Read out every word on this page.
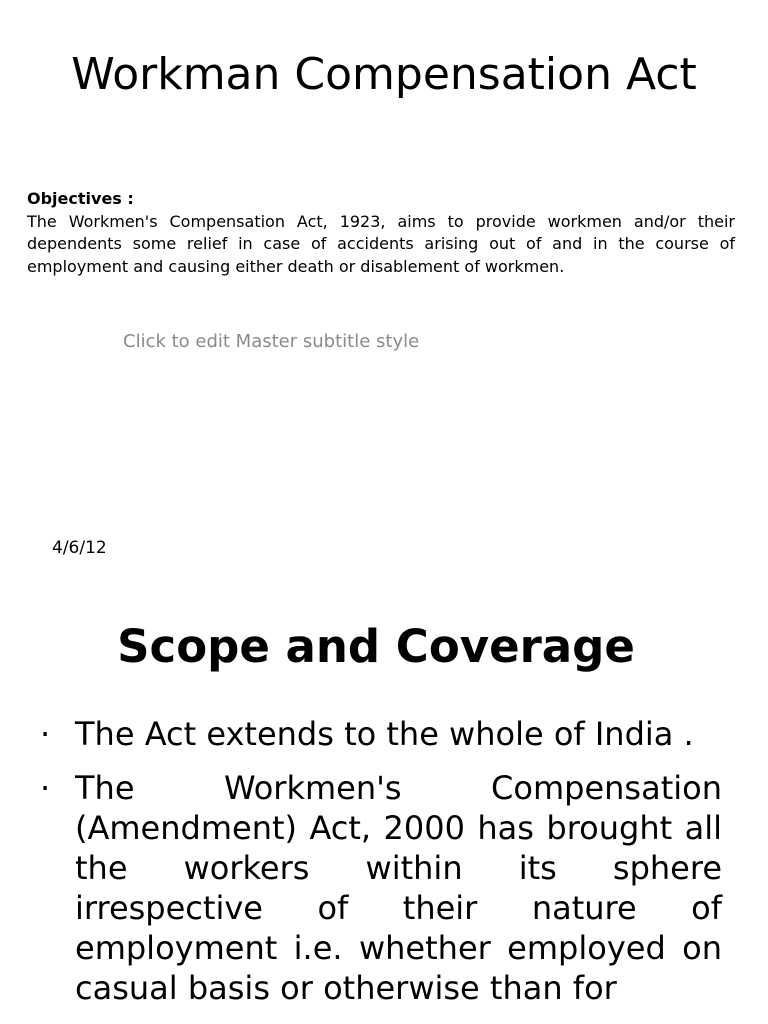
Workman Compensation Act
Objectives :
The Workmen's Compensation Act, 1923, aims to provide workmen and/or their dependents some relief in case of accidents arising out of and in the course of employment and causing either death or disablement of workmen.
Click to edit Master subtitle style
4/6/12
Scope and Coverage
· The Act extends to the whole of India .
· The Workmen's Compensation (Amendment) Act, 2000 has brought all the workers within its sphere irrespective of their nature of employment i.e. whether employed on casual basis or otherwise than for
